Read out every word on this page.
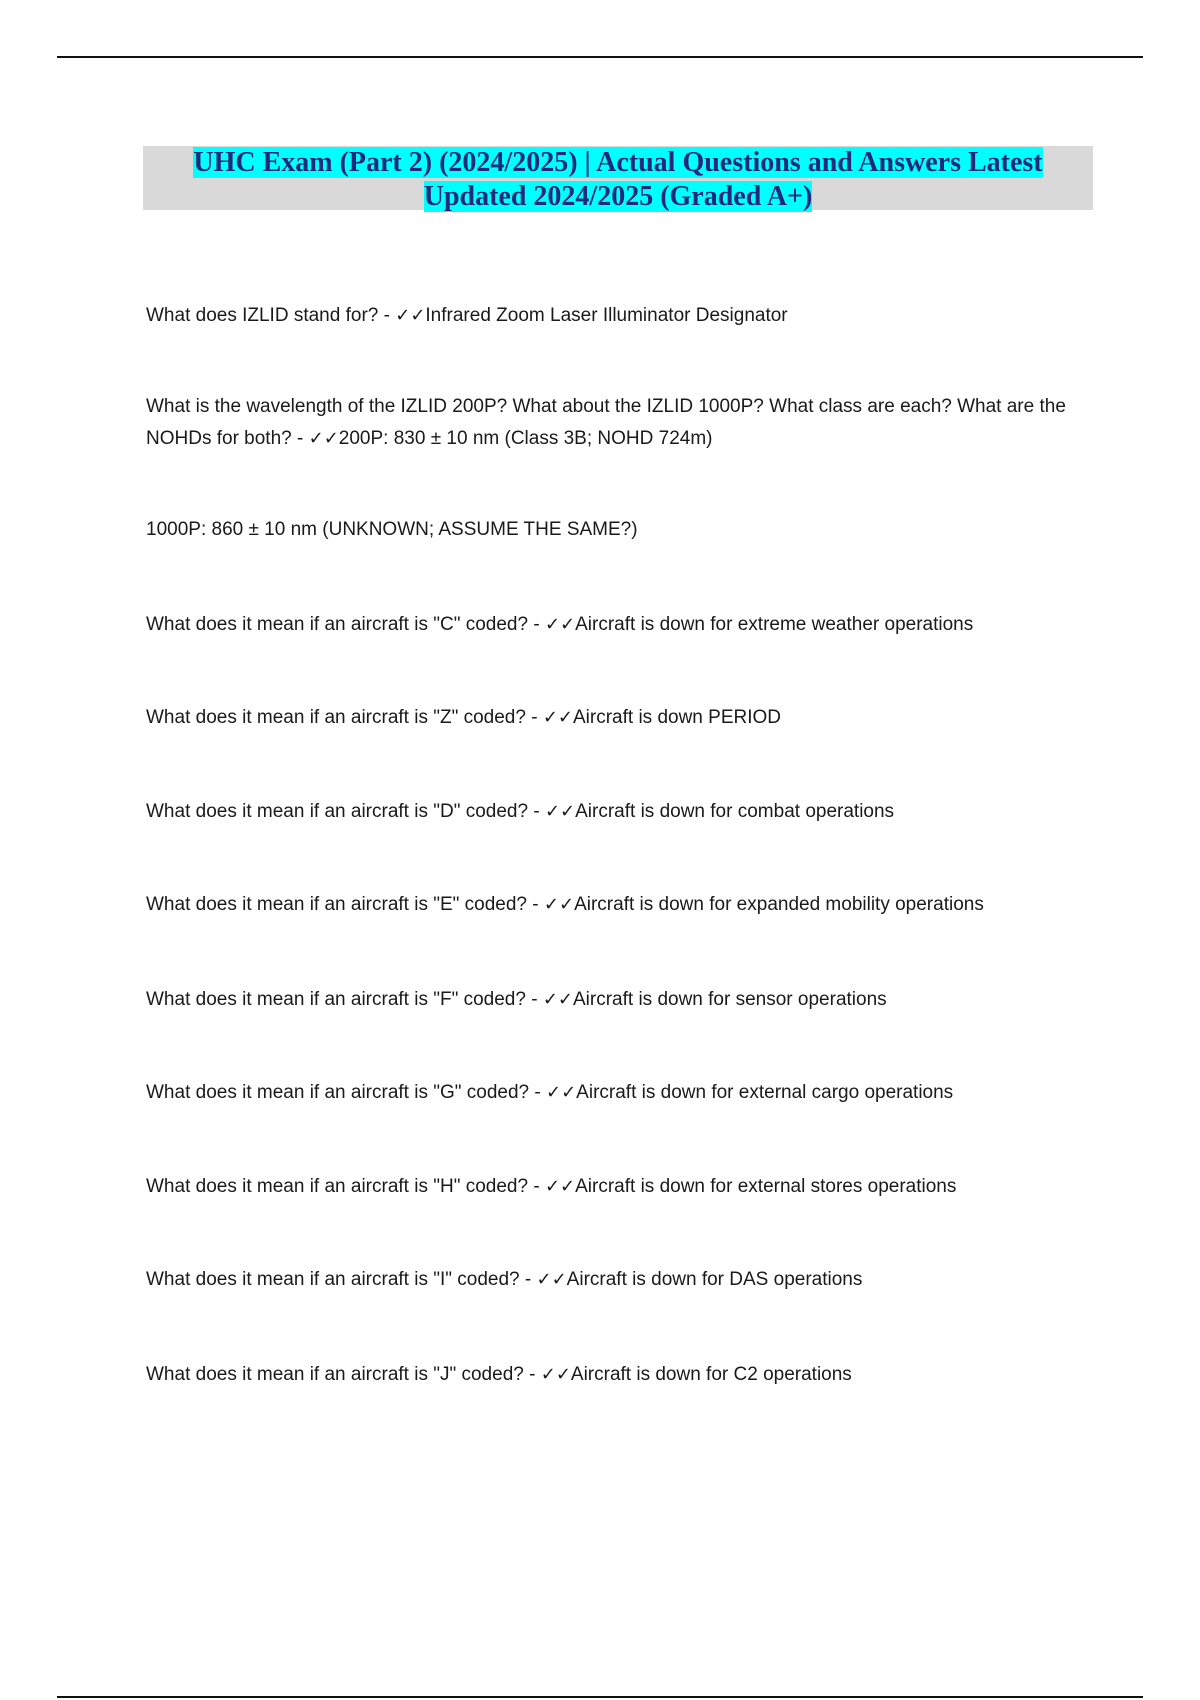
UHC Exam (Part 2) (2024/2025) | Actual Questions and Answers Latest
Updated 2024/2025 (Graded A+)

What does IZLID stand for? - ✓✓Infrared Zoom Laser Illuminator Designator

What is the wavelength of the IZLID 200P? What about the IZLID 1000P? What class are each? What are the NOHDs for both? - ✓✓200P: 830 ± 10 nm (Class 3B; NOHD 724m)

1000P: 860 ± 10 nm (UNKNOWN; ASSUME THE SAME?)

What does it mean if an aircraft is "C" coded? - ✓✓Aircraft is down for extreme weather operations

What does it mean if an aircraft is "Z" coded? - ✓✓Aircraft is down PERIOD

What does it mean if an aircraft is "D" coded? - ✓✓Aircraft is down for combat operations

What does it mean if an aircraft is "E" coded? - ✓✓Aircraft is down for expanded mobility operations

What does it mean if an aircraft is "F" coded? - ✓✓Aircraft is down for sensor operations

What does it mean if an aircraft is "G" coded? - ✓✓Aircraft is down for external cargo operations

What does it mean if an aircraft is "H" coded? - ✓✓Aircraft is down for external stores operations

What does it mean if an aircraft is "I" coded? - ✓✓Aircraft is down for DAS operations

What does it mean if an aircraft is "J" coded? - ✓✓Aircraft is down for C2 operations
